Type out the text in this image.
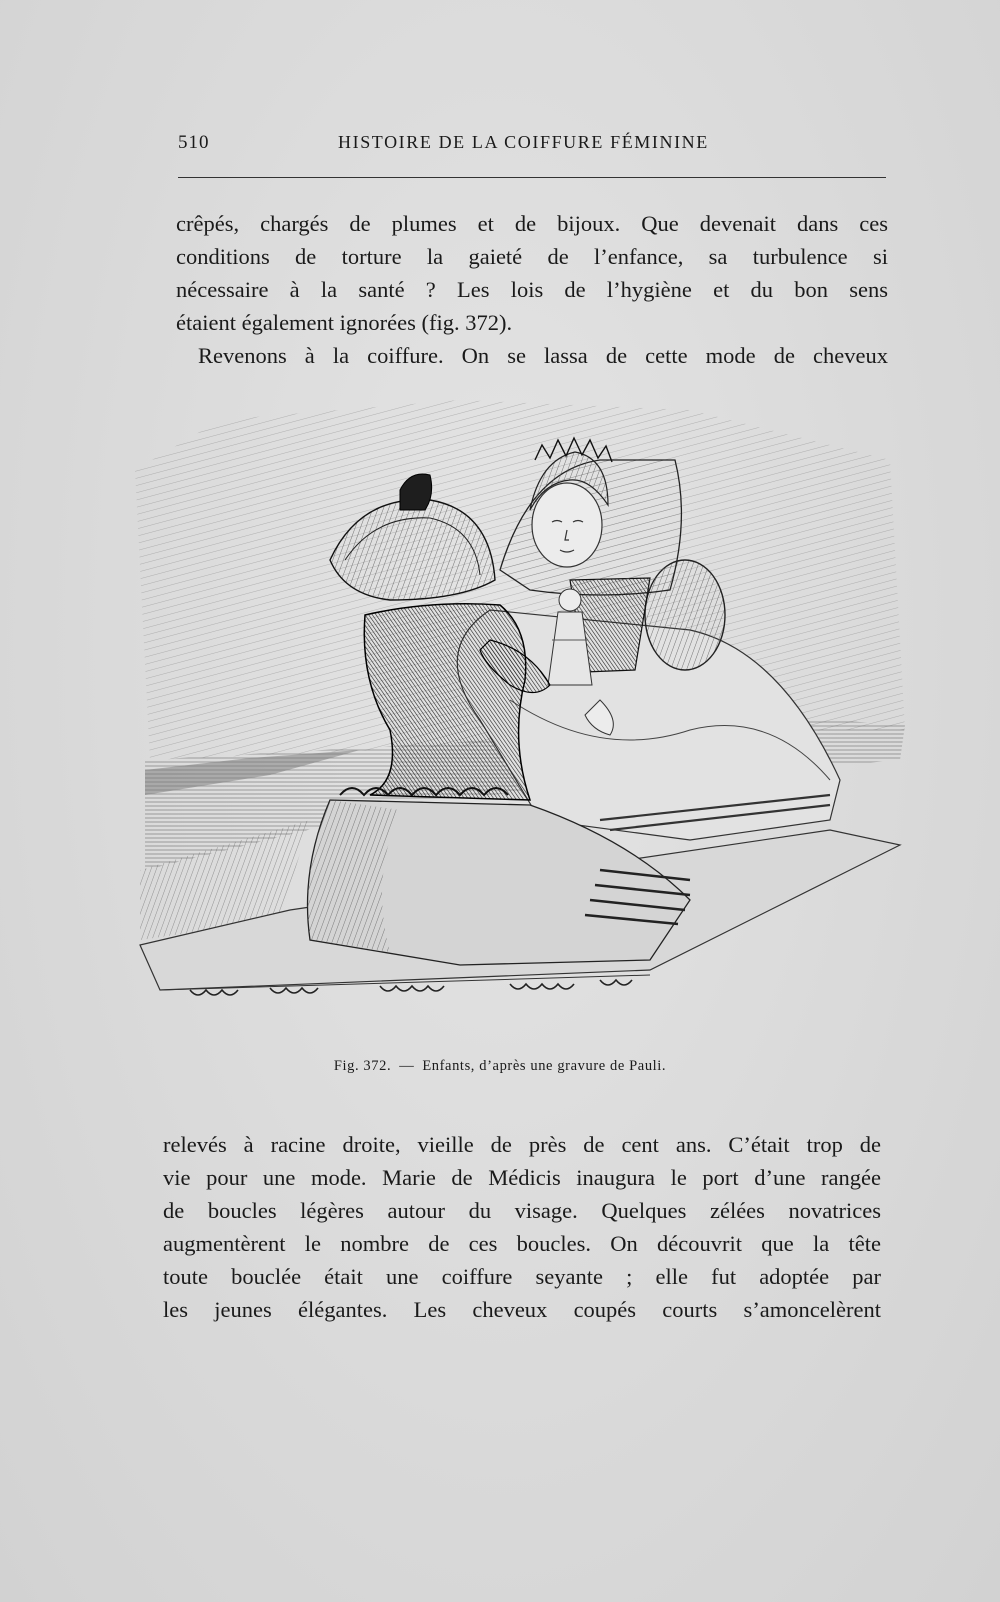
510	HISTOIRE DE LA COIFFURE FÉMININE
crêpés, chargés de plumes et de bijoux. Que devenait dans ces
conditions de torture la gaieté de l’enfance, sa turbulence si
nécessaire à la santé ? Les lois de l’hygiène et du bon sens
étaient également ignorées (fig. 372).
Revenons à la coiffure. On se lassa de cette mode de cheveux
Fig. 372. — Enfants, d’après une gravure de Pauli.
relevés à racine droite, vieille de près de cent ans. C’était trop de
vie pour une mode. Marie de Médicis inaugura le port d’une rangée
de boucles légères autour du visage. Quelques zélées novatrices
augmentèrent le nombre de ces boucles. On découvrit que la tête
toute bouclée était une coiffure seyante ; elle fut adoptée par
les jeunes élégantes. Les cheveux coupés courts s’amoncelèrent
